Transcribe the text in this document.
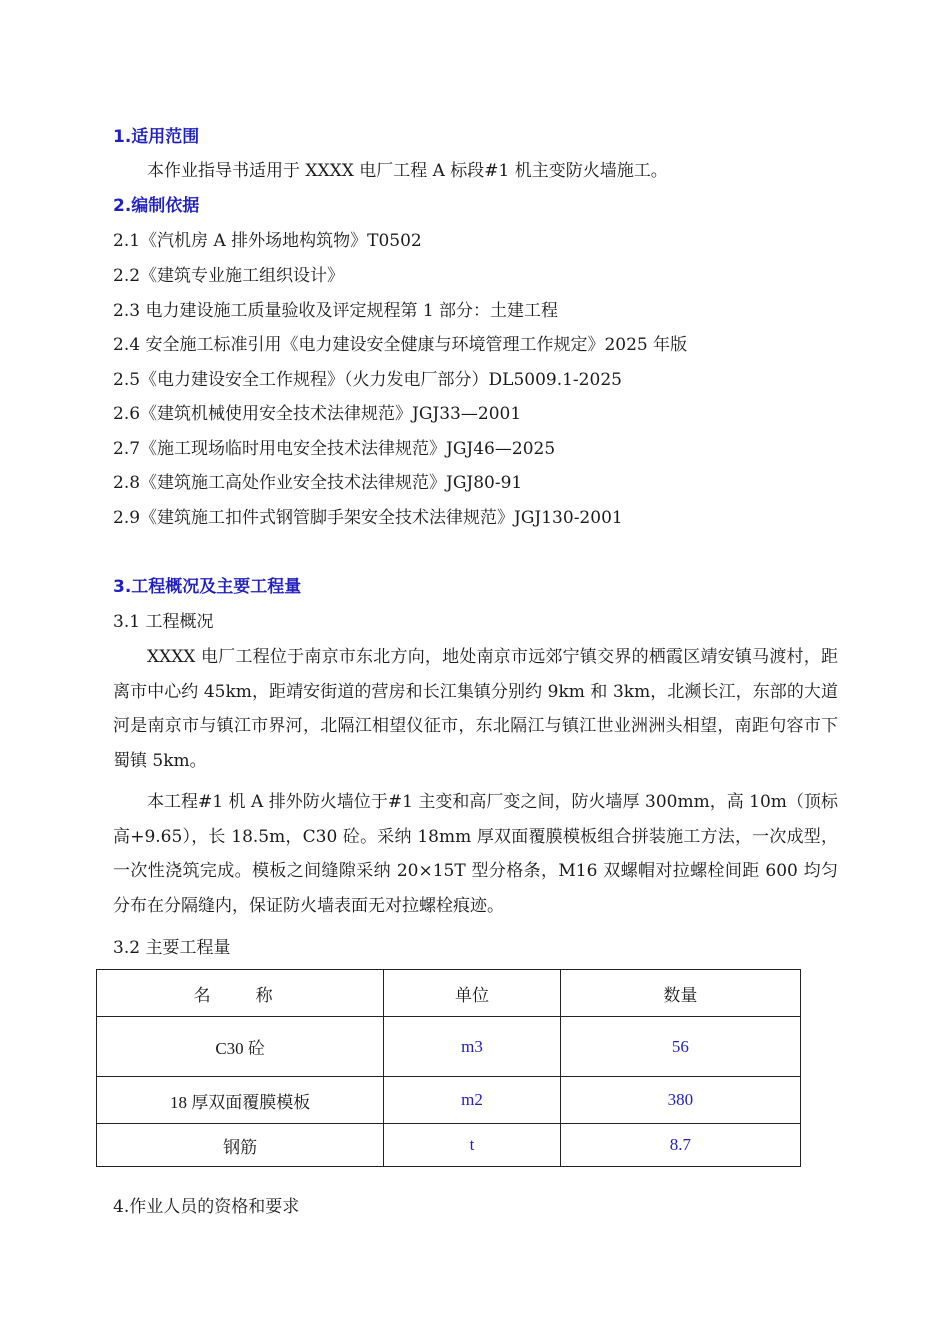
1.适用范围
本作业指导书适用于 XXXX 电厂工程 A 标段#1 机主变防火墙施工。
2.编制依据
2.1《汽机房 A 排外场地构筑物》T0502
2.2《建筑专业施工组织设计》
2.3 电力建设施工质量验收及评定规程第 1 部分：土建工程
2.4 安全施工标准引用《电力建设安全健康与环境管理工作规定》2025 年版
2.5《电力建设安全工作规程》（火力发电厂部分）DL5009.1-2025
2.6《建筑机械使用安全技术法律规范》JGJ33—2001
2.7《施工现场临时用电安全技术法律规范》JGJ46—2025
2.8《建筑施工高处作业安全技术法律规范》JGJ80-91
2.9《建筑施工扣件式钢管脚手架安全技术法律规范》JGJ130-2001
3.工程概况及主要工程量
3.1 工程概况
XXXX 电厂工程位于南京市东北方向，地处南京市远郊宁镇交界的栖霞区靖安镇马渡村，距离市中心约 45km，距靖安街道的营房和长江集镇分别约 9km 和 3km，北濒长江，东部的大道河是南京市与镇江市界河，北隔江相望仪征市，东北隔江与镇江世业洲洲头相望，南距句容市下蜀镇 5km。
本工程#1 机 A 排外防火墙位于#1 主变和高厂变之间，防火墙厚 300mm，高 10m（顶标高+9.65），长 18.5m，C30 砼。采纳 18mm 厚双面覆膜模板组合拼装施工方法，一次成型，一次性浇筑完成。模板之间缝隙采纳 20×15T 型分格条，M16 双螺帽对拉螺栓间距 600 均匀分布在分隔缝内，保证防火墙表面无对拉螺栓痕迹。
3.2 主要工程量
名　称	单位	数量
C30 砼	m3	56
18 厚双面覆膜模板	m2	380
钢筋	t	8.7
4.作业人员的资格和要求
